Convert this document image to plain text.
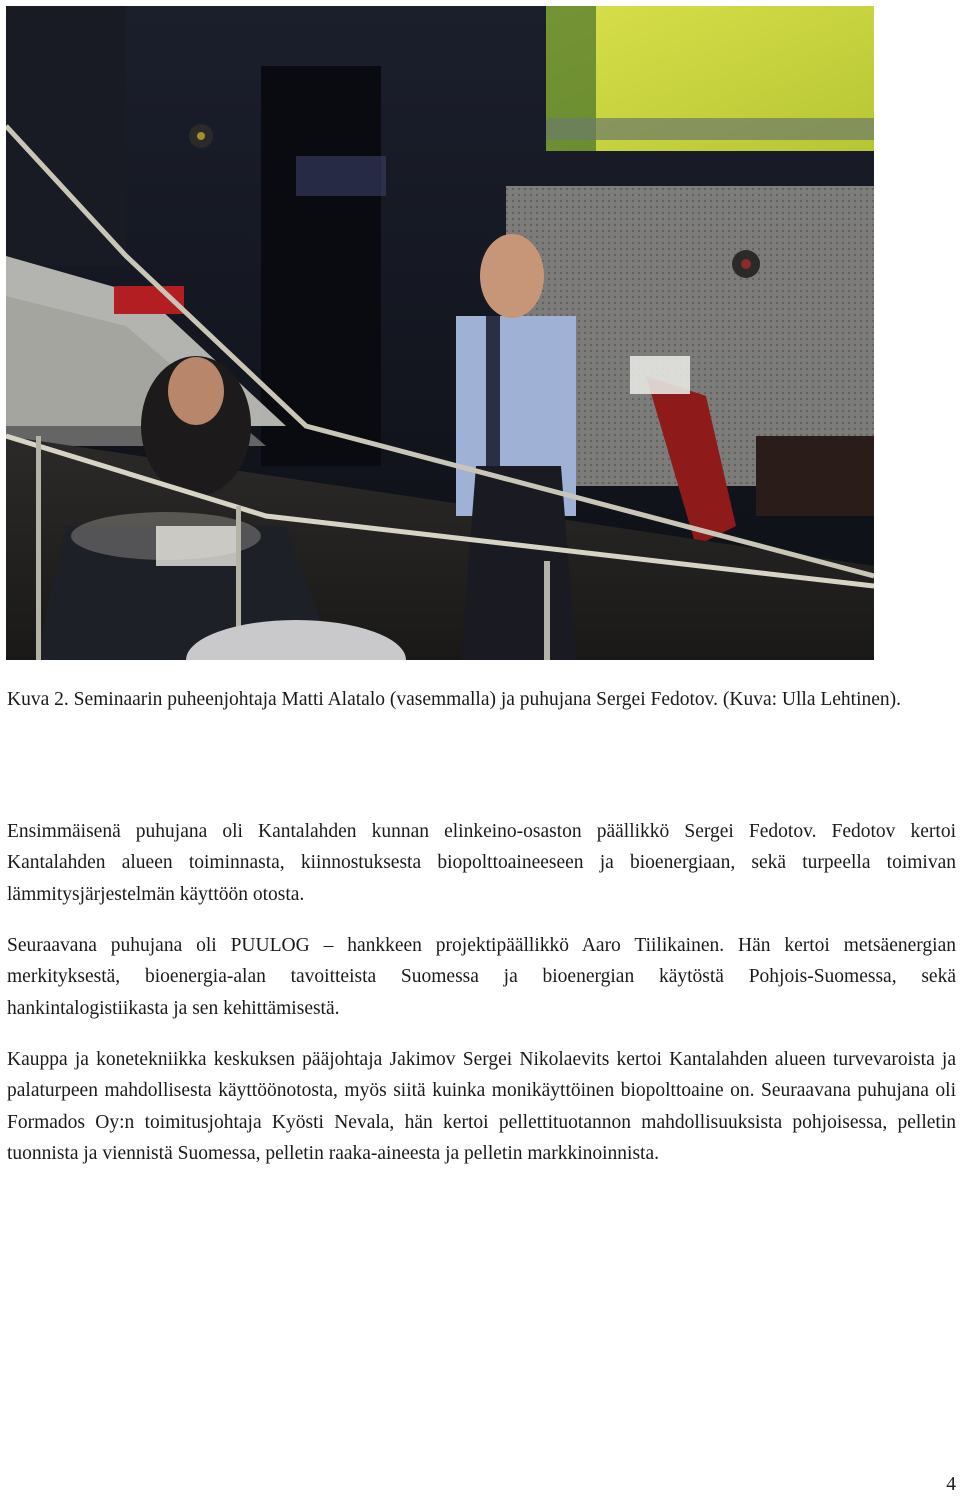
Kuva 2. Seminaarin puheenjohtaja Matti Alatalo (vasemmalla) ja puhujana Sergei Fedotov. (Kuva: Ulla Lehtinen).

Ensimmäisenä puhujana oli Kantalahden kunnan elinkeino-osaston päällikkö Sergei Fedotov. Fedotov kertoi Kantalahden alueen toiminnasta, kiinnostuksesta biopolttoaineeseen ja bioenergiaan, sekä turpeella toimivan lämmitysjärjestelmän käyttöön otosta.

Seuraavana puhujana oli PUULOG – hankkeen projektipäällikkö Aaro Tiilikainen. Hän kertoi metsäenergian merkityksestä, bioenergia-alan tavoitteista Suomessa ja bioenergian käytöstä Pohjois-Suomessa, sekä hankintalogistiikasta ja sen kehittämisestä.

Kauppa ja konetekniikka keskuksen pääjohtaja Jakimov Sergei Nikolaevits kertoi Kantalahden alueen turvevaroista ja palaturpeen mahdollisesta käyttöönotosta, myös siitä kuinka monikäyttöinen biopolttoaine on. Seuraavana puhujana oli Formados Oy:n toimitusjohtaja Kyösti Nevala, hän kertoi pellettituotannon mahdollisuuksista pohjoisessa, pelletin tuonnista ja viennistä Suomessa, pelletin raaka-aineesta ja pelletin markkinoinnista.

4
